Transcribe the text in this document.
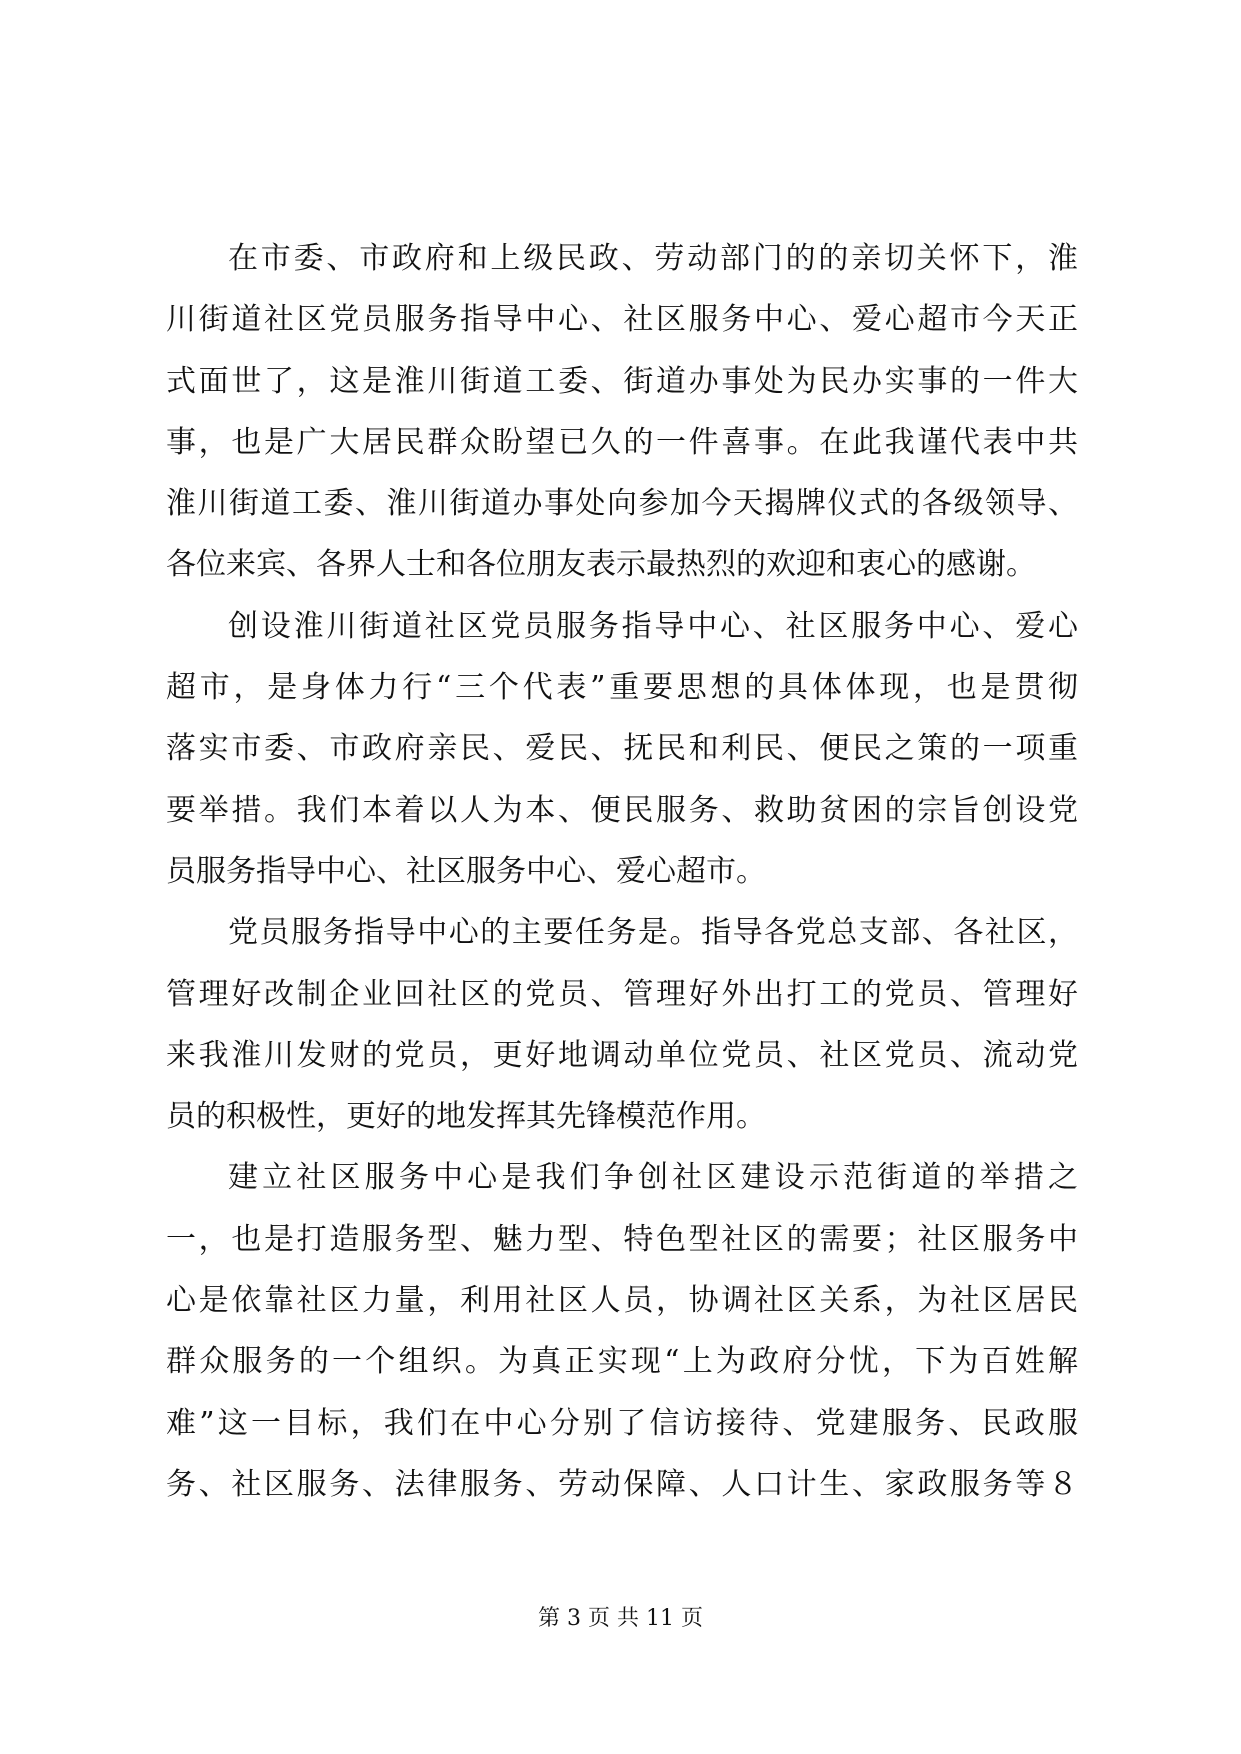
在市委、市政府和上级民政、劳动部门的的亲切关怀下，淮
川街道社区党员服务指导中心、社区服务中心、爱心超市今天正
式面世了，这是淮川街道工委、街道办事处为民办实事的一件大
事，也是广大居民群众盼望已久的一件喜事。在此我谨代表中共
淮川街道工委、淮川街道办事处向参加今天揭牌仪式的各级领导、
各位来宾、各界人士和各位朋友表示最热烈的欢迎和衷心的感谢。
创设淮川街道社区党员服务指导中心、社区服务中心、爱心
超市，是身体力行“三个代表”重要思想的具体体现，也是贯彻
落实市委、市政府亲民、爱民、抚民和利民、便民之策的一项重
要举措。我们本着以人为本、便民服务、救助贫困的宗旨创设党
员服务指导中心、社区服务中心、爱心超市。
党员服务指导中心的主要任务是。指导各党总支部、各社区，
管理好改制企业回社区的党员、管理好外出打工的党员、管理好
来我淮川发财的党员，更好地调动单位党员、社区党员、流动党
员的积极性，更好的地发挥其先锋模范作用。
建立社区服务中心是我们争创社区建设示范街道的举措之
一，也是打造服务型、魅力型、特色型社区的需要；社区服务中
心是依靠社区力量，利用社区人员，协调社区关系，为社区居民
群众服务的一个组织。为真正实现“上为政府分忧，下为百姓解
难”这一目标，我们在中心分别了信访接待、党建服务、民政服
务、社区服务、法律服务、劳动保障、人口计生、家政服务等８
第 3 页 共 11 页
